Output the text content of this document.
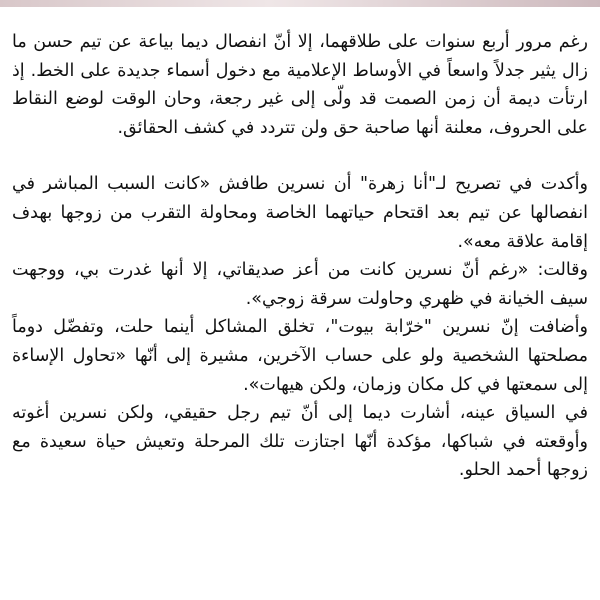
رغم مرور أربع سنوات على طلاقهما، إلا أنّ انفصال ديما بياعة عن تيم حسن ما زال يثير جدلاً واسعاً في الأوساط الإعلامية مع دخول أسماء جديدة على الخط. إذ ارتأت ديمة أن زمن الصمت قد ولّى إلى غير رجعة، وحان الوقت لوضع النقاط على الحروف، معلنة أنها صاحبة حق ولن تتردد في كشف الحقائق.

وأكدت في تصريح لـ"أنا زهرة" أن نسرين طافش «كانت السبب المباشر في انفصالها عن تيم بعد اقتحام حياتهما الخاصة ومحاولة التقرب من زوجها بهدف إقامة علاقة معه».

وقالت: «رغم أنّ نسرين كانت من أعز صديقاتي، إلا أنها غدرت بي، ووجهت سيف الخيانة في ظهري وحاولت سرقة زوجي».

وأضافت إنّ نسرين "خرّابة بيوت"، تخلق المشاكل أينما حلت، وتفضّل دوماً مصلحتها الشخصية ولو على حساب الآخرين، مشيرة إلى أنّها «تحاول الإساءة إلى سمعتها في كل مكان وزمان، ولكن هيهات».

في السياق عينه، أشارت ديما إلى أنّ تيم رجل حقيقي، ولكن نسرين أغوته وأوقعته في شباكها، مؤكدة أنّها اجتازت تلك المرحلة وتعيش حياة سعيدة مع زوجها أحمد الحلو.
